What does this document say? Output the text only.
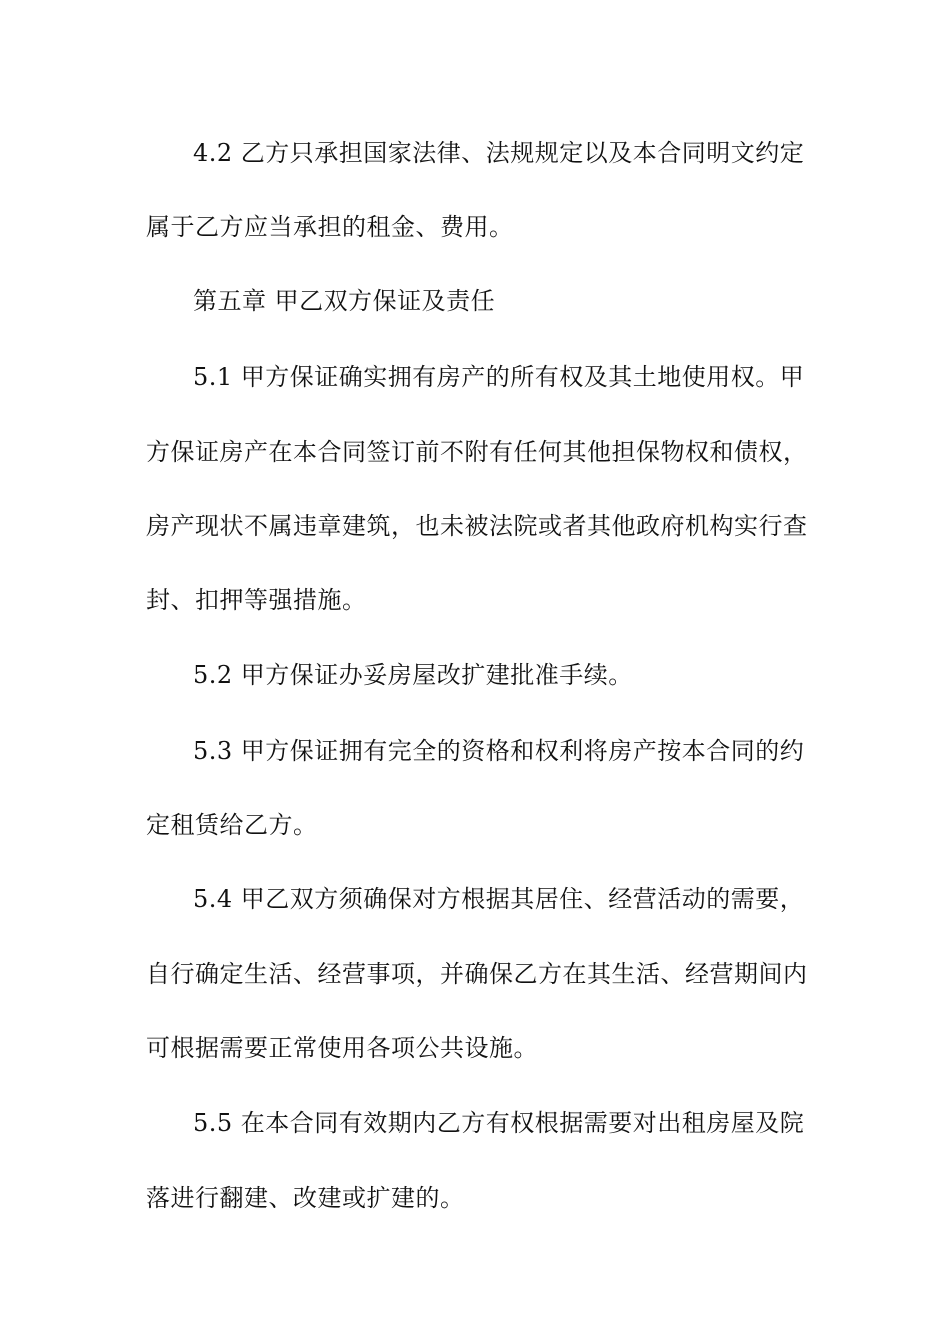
4.2 乙方只承担国家法律、法规规定以及本合同明文约定
属于乙方应当承担的租金、费用。
第五章 甲乙双方保证及责任
5.1 甲方保证确实拥有房产的所有权及其土地使用权。甲
方保证房产在本合同签订前不附有任何其他担保物权和债权，
房产现状不属违章建筑，也未被法院或者其他政府机构实行查
封、扣押等强措施。
5.2 甲方保证办妥房屋改扩建批准手续。
5.3 甲方保证拥有完全的资格和权利将房产按本合同的约
定租赁给乙方。
5.4 甲乙双方须确保对方根据其居住、经营活动的需要，
自行确定生活、经营事项，并确保乙方在其生活、经营期间内
可根据需要正常使用各项公共设施。
5.5 在本合同有效期内乙方有权根据需要对出租房屋及院
落进行翻建、改建或扩建的。
